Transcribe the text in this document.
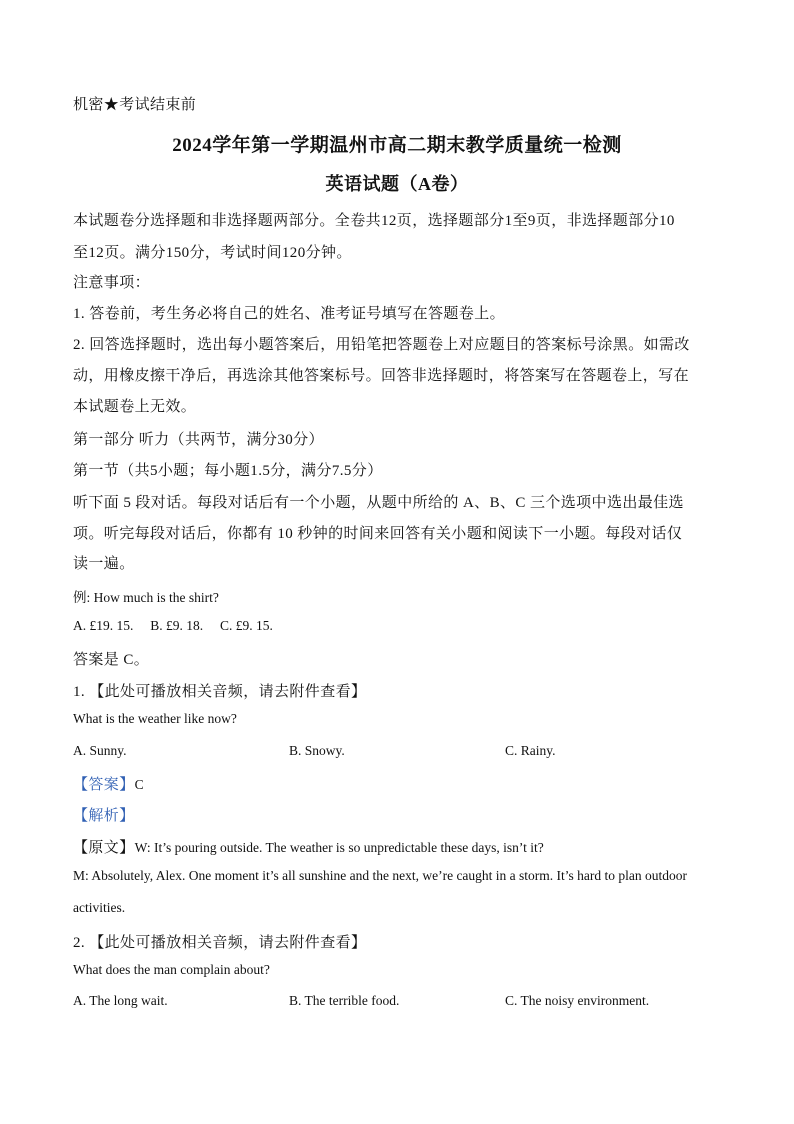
机密★考试结束前
2024学年第一学期温州市高二期末教学质量统一检测
英语试题（A卷）
本试题卷分选择题和非选择题两部分。全卷共12页，选择题部分1至9页，非选择题部分10
至12页。满分150分，考试时间120分钟。
注意事项：
1. 答卷前，考生务必将自己的姓名、准考证号填写在答题卷上。
2. 回答选择题时，选出每小题答案后，用铅笔把答题卷上对应题目的答案标号涂黑。如需改
动，用橡皮擦干净后，再选涂其他答案标号。回答非选择题时，将答案写在答题卷上，写在
本试题卷上无效。
第一部分 听力（共两节，满分30分）
第一节（共5小题；每小题1.5分，满分7.5分）
听下面 5 段对话。每段对话后有一个小题，从题中所给的 A、B、C 三个选项中选出最佳选
项。听完每段对话后，你都有 10 秒钟的时间来回答有关小题和阅读下一小题。每段对话仅
读一遍。
例: How much is the shirt?
A. £19. 15.     B. £9. 18.     C. £9. 15.
答案是 C。
1. 【此处可播放相关音频，请去附件查看】
What is the weather like now?
A. Sunny.	B. Snowy.	C. Rainy.
【答案】C
【解析】
【原文】W: It’s pouring outside. The weather is so unpredictable these days, isn’t it?
M: Absolutely, Alex. One moment it’s all sunshine and the next, we’re caught in a storm. It’s hard to plan outdoor
activities.
2. 【此处可播放相关音频，请去附件查看】
What does the man complain about?
A. The long wait.	B. The terrible food.	C. The noisy environment.
